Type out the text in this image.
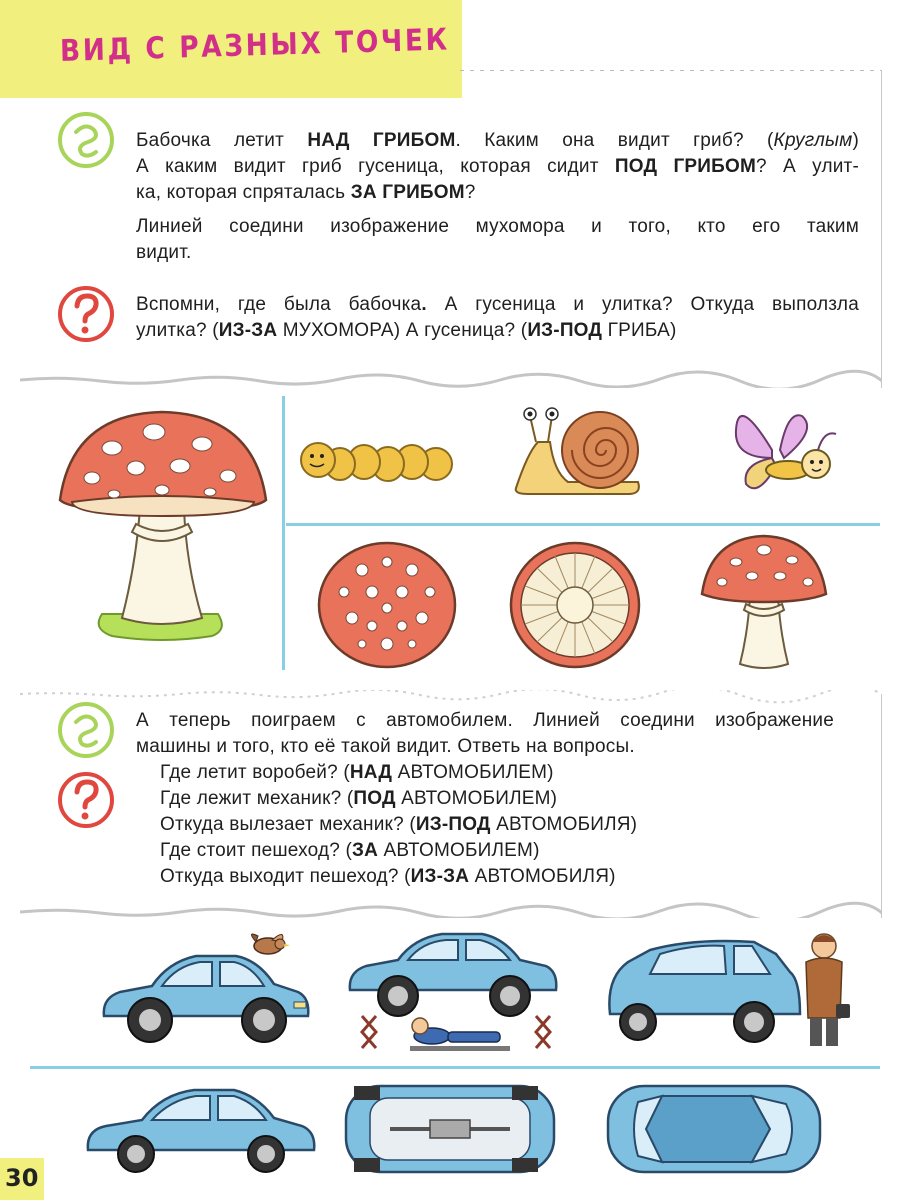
ВИД С РАЗНЫХ ТОЧЕК
Бабочка летит НАД ГРИБОМ. Каким она видит гриб? (Круглым)
А каким видит гриб гусеница, которая сидит ПОД ГРИБОМ? А улит-
ка, которая спряталась ЗА ГРИБОМ?
Линией соедини изображение мухомора и того, кто его таким
видит.
Вспомни, где была бабочка. А гусеница и улитка? Откуда выползла
улитка? (ИЗ-ЗА МУХОМОРА) А гусеница? (ИЗ-ПОД ГРИБА)
А теперь поиграем с автомобилем. Линией соедини изображение
машины и того, кто её такой видит. Ответь на вопросы.
Где летит воробей? (НАД АВТОМОБИЛЕМ)
Где лежит механик? (ПОД АВТОМОБИЛЕМ)
Откуда вылезает механик? (ИЗ-ПОД АВТОМОБИЛЯ)
Где стоит пешеход? (ЗА АВТОМОБИЛЕМ)
Откуда выходит пешеход? (ИЗ-ЗА АВТОМОБИЛЯ)
30
